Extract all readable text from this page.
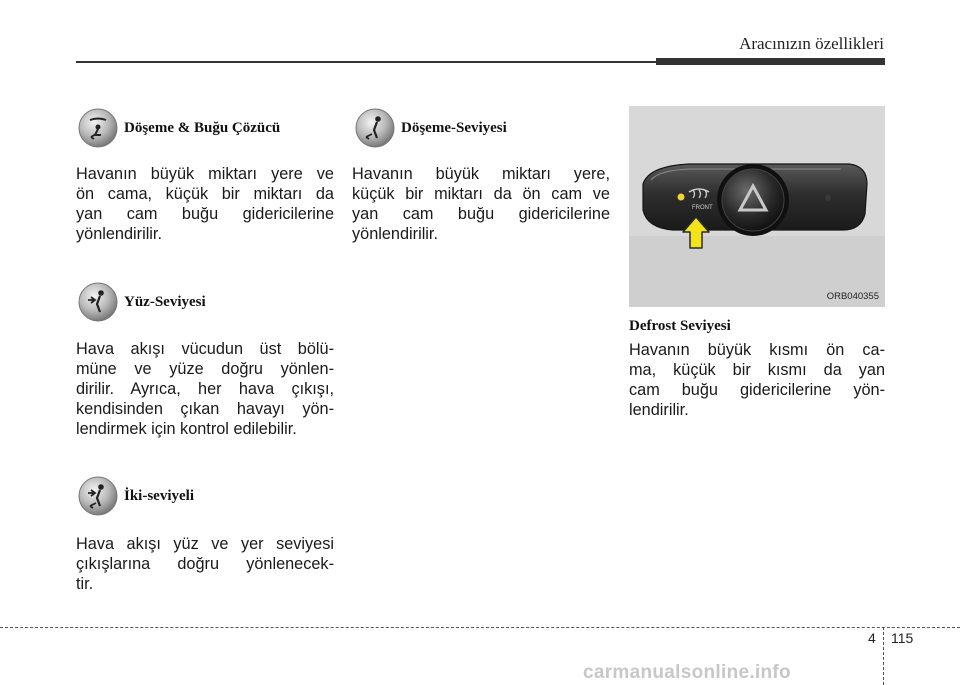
Aracınızın özellikleri
Döşeme & Buğu Çözücü
Havanın büyük miktarı yere ve
ön cama, küçük bir miktarı da
yan cam buğu gidericilerine
yönlendirilir.
Yüz-Seviyesi
Hava akışı vücudun üst bölü-
müne ve yüze doğru yönlen-
dirilir. Ayrıca, her hava çıkışı,
kendisinden çıkan havayı yön-
lendirmek için kontrol edilebilir.
İki-seviyeli
Hava akışı yüz ve yer seviyesi
çıkışlarına doğru yönlenecek-
tir.
Döşeme-Seviyesi
Havanın büyük miktarı yere,
küçük bir miktarı da ön cam ve
yan cam buğu gidericilerine
yönlendirilir.
FRONT
ORB040355
Defrost Seviyesi
Havanın büyük kısmı ön ca-
ma, küçük bir kısmı da yan
cam buğu gidericilerine yön-
lendirilir.
4 115
carmanualsonline.info
